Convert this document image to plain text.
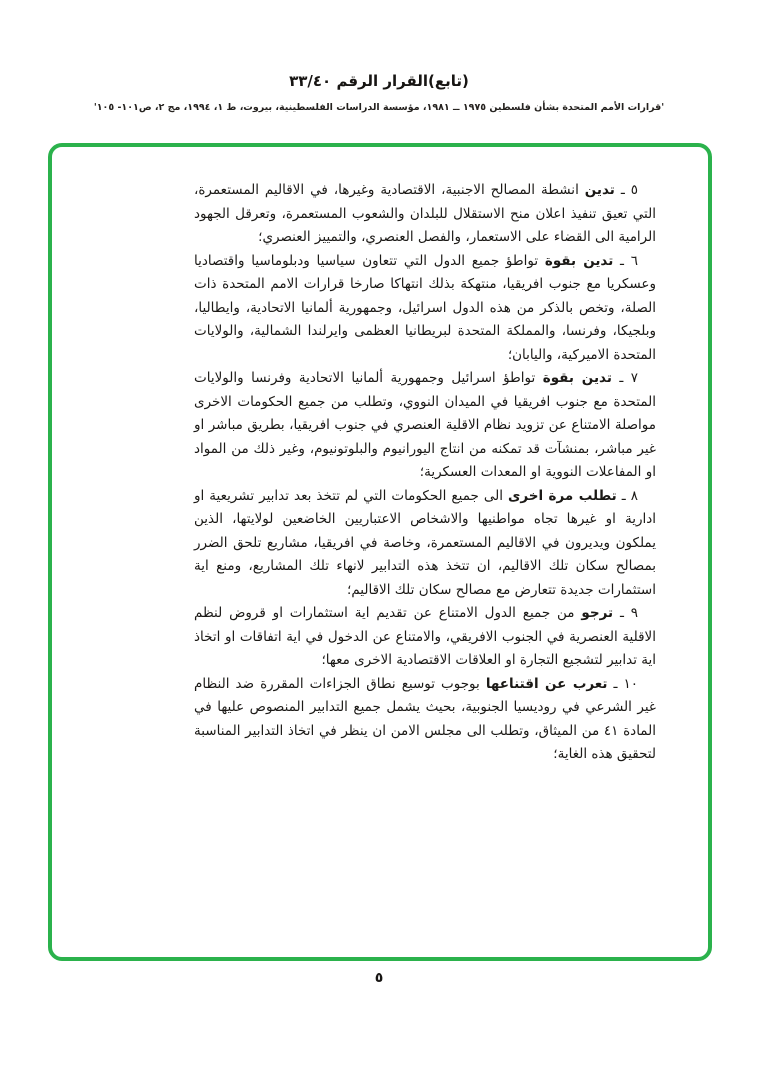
(تابع)القرار الرقم ٣٣/٤٠
'قرارات الأمم المتحدة بشأن فلسطين ١٩٧٥ ــ ١٩٨١، مؤسسة الدراسات الفلسطينية، بيروت، ط ١، ١٩٩٤، مج ٢، ص١٠١- ١٠٥'

٥ ـ تدين انشطة المصالح الاجنبية، الاقتصادية وغيرها، في الاقاليم المستعمرة، التي تعيق تنفيذ اعلان منح الاستقلال للبلدان والشعوب المستعمرة، وتعرقل الجهود الرامية الى القضاء على الاستعمار، والفصل العنصري، والتمييز العنصري؛

٦ ـ تدين بقوة تواطؤ جميع الدول التي تتعاون سياسيا ودبلوماسيا واقتصاديا وعسكريا مع جنوب افريقيا، منتهكة بذلك انتهاكا صارخا قرارات الامم المتحدة ذات الصلة، وتخص بالذكر من هذه الدول اسرائيل، وجمهورية ألمانيا الاتحادية، وايطاليا، وبلجيكا، وفرنسا، والمملكة المتحدة لبريطانيا العظمى وايرلندا الشمالية، والولايات المتحدة الاميركية، واليابان؛

٧ ـ تدين بقوة تواطؤ اسرائيل وجمهورية ألمانيا الاتحادية وفرنسا والولايات المتحدة مع جنوب افريقيا في الميدان النووي، وتطلب من جميع الحكومات الاخرى مواصلة الامتناع عن تزويد نظام الاقلية العنصري في جنوب افريقيا، بطريق مباشر او غير مباشر، بمنشآت قد تمكنه من انتاج اليورانيوم والبلوتونيوم، وغير ذلك من المواد او المفاعلات النووية او المعدات العسكرية؛

٨ ـ تطلب مرة اخرى الى جميع الحكومات التي لم تتخذ بعد تدابير تشريعية او ادارية او غيرها تجاه مواطنيها والاشخاص الاعتباريين الخاضعين لولايتها، الذين يملكون ويديرون في الاقاليم المستعمرة، وخاصة في افريقيا، مشاريع تلحق الضرر بمصالح سكان تلك الاقاليم، ان تتخذ هذه التدابير لانهاء تلك المشاريع، ومنع اية استثمارات جديدة تتعارض مع مصالح سكان تلك الاقاليم؛

٩ ـ ترجو من جميع الدول الامتناع عن تقديم اية استثمارات او قروض لنظم الاقلية العنصرية في الجنوب الافريقي، والامتناع عن الدخول في اية اتفاقات او اتخاذ اية تدابير لتشجيع التجارة او العلاقات الاقتصادية الاخرى معها؛

١٠ ـ تعرب عن اقتناعها بوجوب توسيع نطاق الجزاءات المقررة ضد النظام غير الشرعي في روديسيا الجنوبية، بحيث يشمل جميع التدابير المنصوص عليها في المادة ٤١ من الميثاق، وتطلب الى مجلس الامن ان ينظر في اتخاذ التدابير المناسبة لتحقيق هذه الغاية؛

٥
